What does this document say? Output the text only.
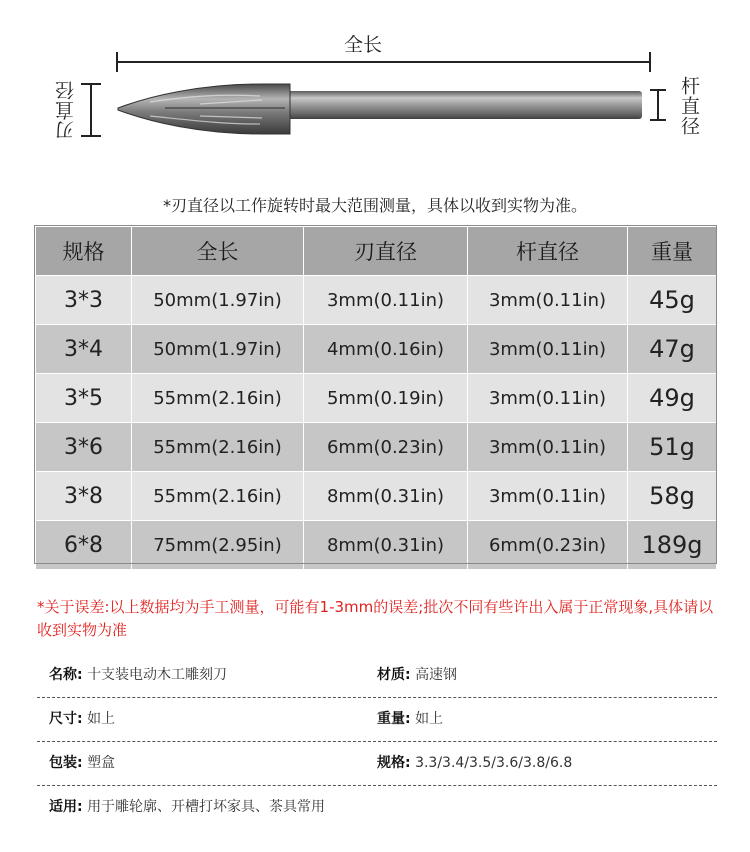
全长
刃直径	杆直径
*刃直径以工作旋转时最大范围测量，具体以收到实物为准。
规格	全长	刃直径	杆直径	重量
3*3	50mm(1.97in)	3mm(0.11in)	3mm(0.11in)	45g
3*4	50mm(1.97in)	4mm(0.16in)	3mm(0.11in)	47g
3*5	55mm(2.16in)	5mm(0.19in)	3mm(0.11in)	49g
3*6	55mm(2.16in)	6mm(0.23in)	3mm(0.11in)	51g
3*8	55mm(2.16in)	8mm(0.31in)	3mm(0.11in)	58g
6*8	75mm(2.95in)	8mm(0.31in)	6mm(0.23in)	189g
*关于误差:以上数据均为手工测量，可能有1-3mm的误差;批次不同有些许出入属于正常现象,具体请以收到实物为准
名称: 十支装电动木工雕刻刀	材质: 高速钢
尺寸: 如上	重量: 如上
包装: 塑盒	规格: 3.3/3.4/3.5/3.6/3.8/6.8
适用: 用于雕轮廓、开槽打坏家具、茶具常用
